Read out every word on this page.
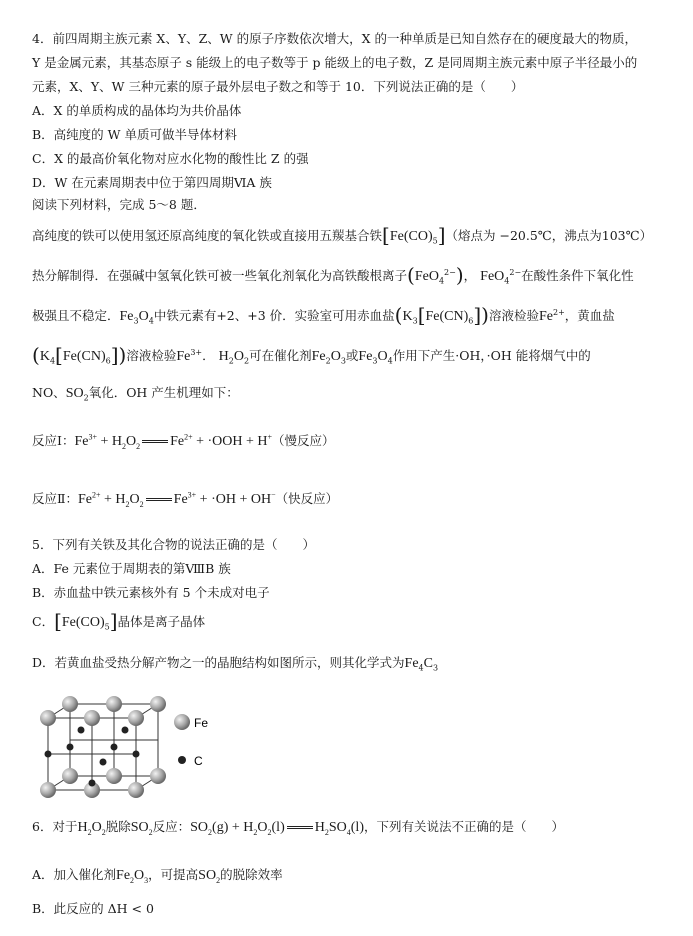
4．前四周期主族元素 X、Y、Z、W 的原子序数依次增大，X 的一种单质是已知自然存在的硬度最大的物质，
Y 是金属元素，其基态原子 s 能级上的电子数等于 p 能级上的电子数，Z 是同周期主族元素中原子半径最小的
元素，X、Y、W 三种元素的原子最外层电子数之和等于 10．下列说法正确的是（　　）
A．X 的单质构成的晶体均为共价晶体
B．高纯度的 W 单质可做半导体材料
C．X 的最高价氧化物对应水化物的酸性比 Z 的强
D．W 在元素周期表中位于第四周期ⅥA 族
阅读下列材料，完成 5～8 题．
高纯度的铁可以使用氢还原高纯度的氧化铁或直接用五羰基合铁$[Fe(CO)_5]$（熔点为 −20.5℃，沸点为103℃）
热分解制得．在强碱中氢氧化铁可被一些氧化剂氧化为高铁酸根离子(FeO$_4^{2-}$)， FeO$_4^{2-}$在酸性条件下氧化性
极强且不稳定．$Fe_3O_4$中铁元素有+2、+3 价．实验室可用赤血盐$(K_3[Fe(CN)_6])$溶液检验$Fe^{2+}$，黄血盐
$(K_4[Fe(CN)_6])$溶液检验$Fe^{3+}$． $H_2O_2$可在催化剂$Fe_2O_3$或$Fe_3O_4$作用下产生·OH，·OH 能将烟气中的
NO、$SO_2$氧化．OH 产生机理如下：
反应Ⅰ：$Fe^{3+} + H_2O_2$ $Fe^{2+} + \cdot OOH + H^+$（慢反应）
反应Ⅱ：$Fe^{2+} + H_2O_2$ $Fe^{3+} + \cdot OH + OH^-$（快反应）
5．下列有关铁及其化合物的说法正确的是（　　）
A．Fe 元素位于周期表的第ⅧB 族
B．赤血盐中铁元素核外有 5 个未成对电子
C．$[Fe(CO)_5]$晶体是离子晶体
D．若黄血盐受热分解产物之一的晶胞结构如图所示，则其化学式为$Fe_4C_3$
Fe
C
6．对于$H_2O_2$脱除$SO_2$反应：$SO_2(g) + H_2O_2(l)$ $H_2SO_4(l)$，下列有关说法不正确的是（　　）
A．加入催化剂$Fe_2O_3$，可提高$SO_2$的脱除效率
B．此反应的 ΔH < 0
